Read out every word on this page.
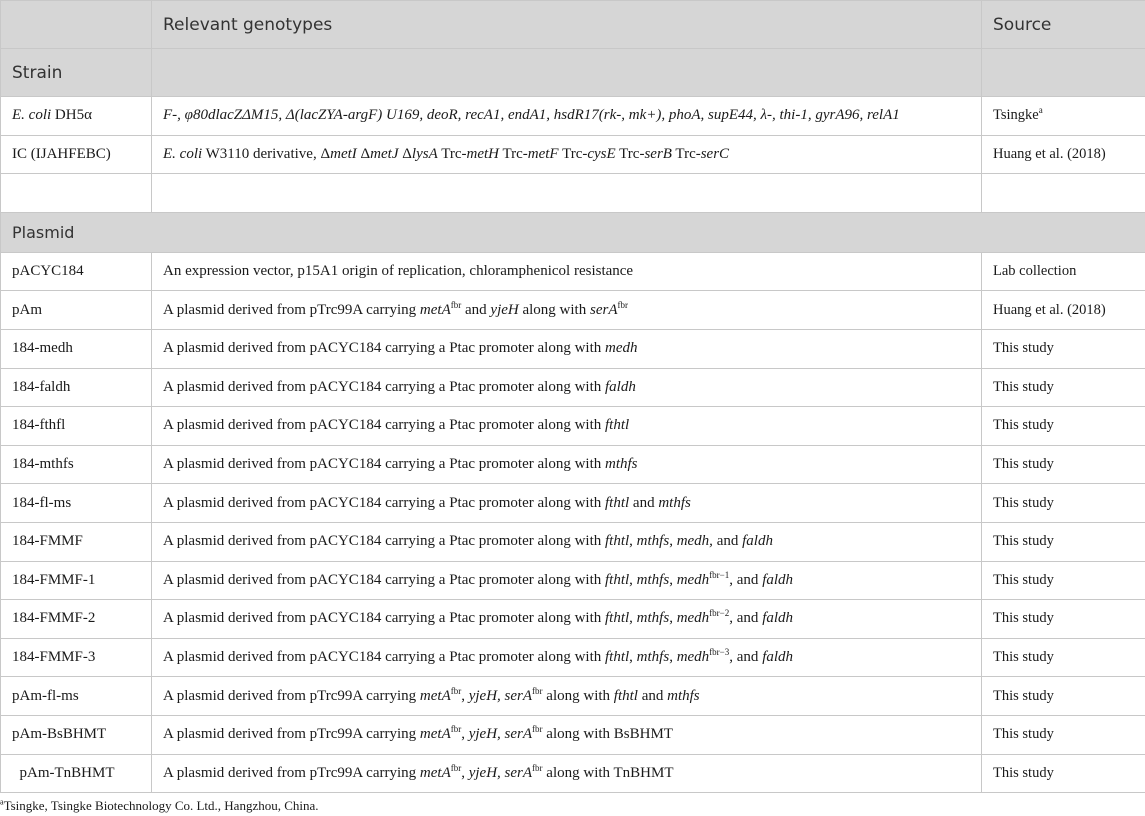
	Relevant genotypes	Source
Strain		
E. coli DH5α	F-, φ80dlacZΔM15, Δ(lacZYA-argF) U169, deoR, recA1, endA1, hsdR17(rk-, mk+), phoA, supE44, λ-, thi-1, gyrA96, relA1	Tsingke$^a$
IC (IJAHFEBC)	E. coli W3110 derivative, ΔmetI ΔmetJ ΔlysA Trc-metH Trc-metF Trc-cysE Trc-serB Trc-serC	Huang et al. (2018)

Plasmid		
pACYC184	An expression vector, p15A1 origin of replication, chloramphenicol resistance	Lab collection
pAm	A plasmid derived from pTrc99A carrying metA$^{fbr}$ and yjeH along with serA$^{fbr}$	Huang et al. (2018)
184-medh	A plasmid derived from pACYC184 carrying a Ptac promoter along with medh	This study
184-faldh	A plasmid derived from pACYC184 carrying a Ptac promoter along with faldh	This study
184-fthfl	A plasmid derived from pACYC184 carrying a Ptac promoter along with fthtl	This study
184-mthfs	A plasmid derived from pACYC184 carrying a Ptac promoter along with mthfs	This study
184-fl-ms	A plasmid derived from pACYC184 carrying a Ptac promoter along with fthtl and mthfs	This study
184-FMMF	A plasmid derived from pACYC184 carrying a Ptac promoter along with fthtl, mthfs, medh, and faldh	This study
184-FMMF-1	A plasmid derived from pACYC184 carrying a Ptac promoter along with fthtl, mthfs, medh$^{fbr-1}$, and faldh	This study
184-FMMF-2	A plasmid derived from pACYC184 carrying a Ptac promoter along with fthtl, mthfs, medh$^{fbr-2}$, and faldh	This study
184-FMMF-3	A plasmid derived from pACYC184 carrying a Ptac promoter along with fthtl, mthfs, medh$^{fbr-3}$, and faldh	This study
pAm-fl-ms	A plasmid derived from pTrc99A carrying metA$^{fbr}$, yjeH, serA$^{fbr}$ along with fthtl and mthfs	This study
pAm-BsBHMT	A plasmid derived from pTrc99A carrying metA$^{fbr}$, yjeH, serA$^{fbr}$ along with BsBHMT	This study
pAm-TnBHMT	A plasmid derived from pTrc99A carrying metA$^{fbr}$, yjeH, serA$^{fbr}$ along with TnBHMT	This study
$^a$Tsingke, Tsingke Biotechnology Co. Ltd., Hangzhou, China.
